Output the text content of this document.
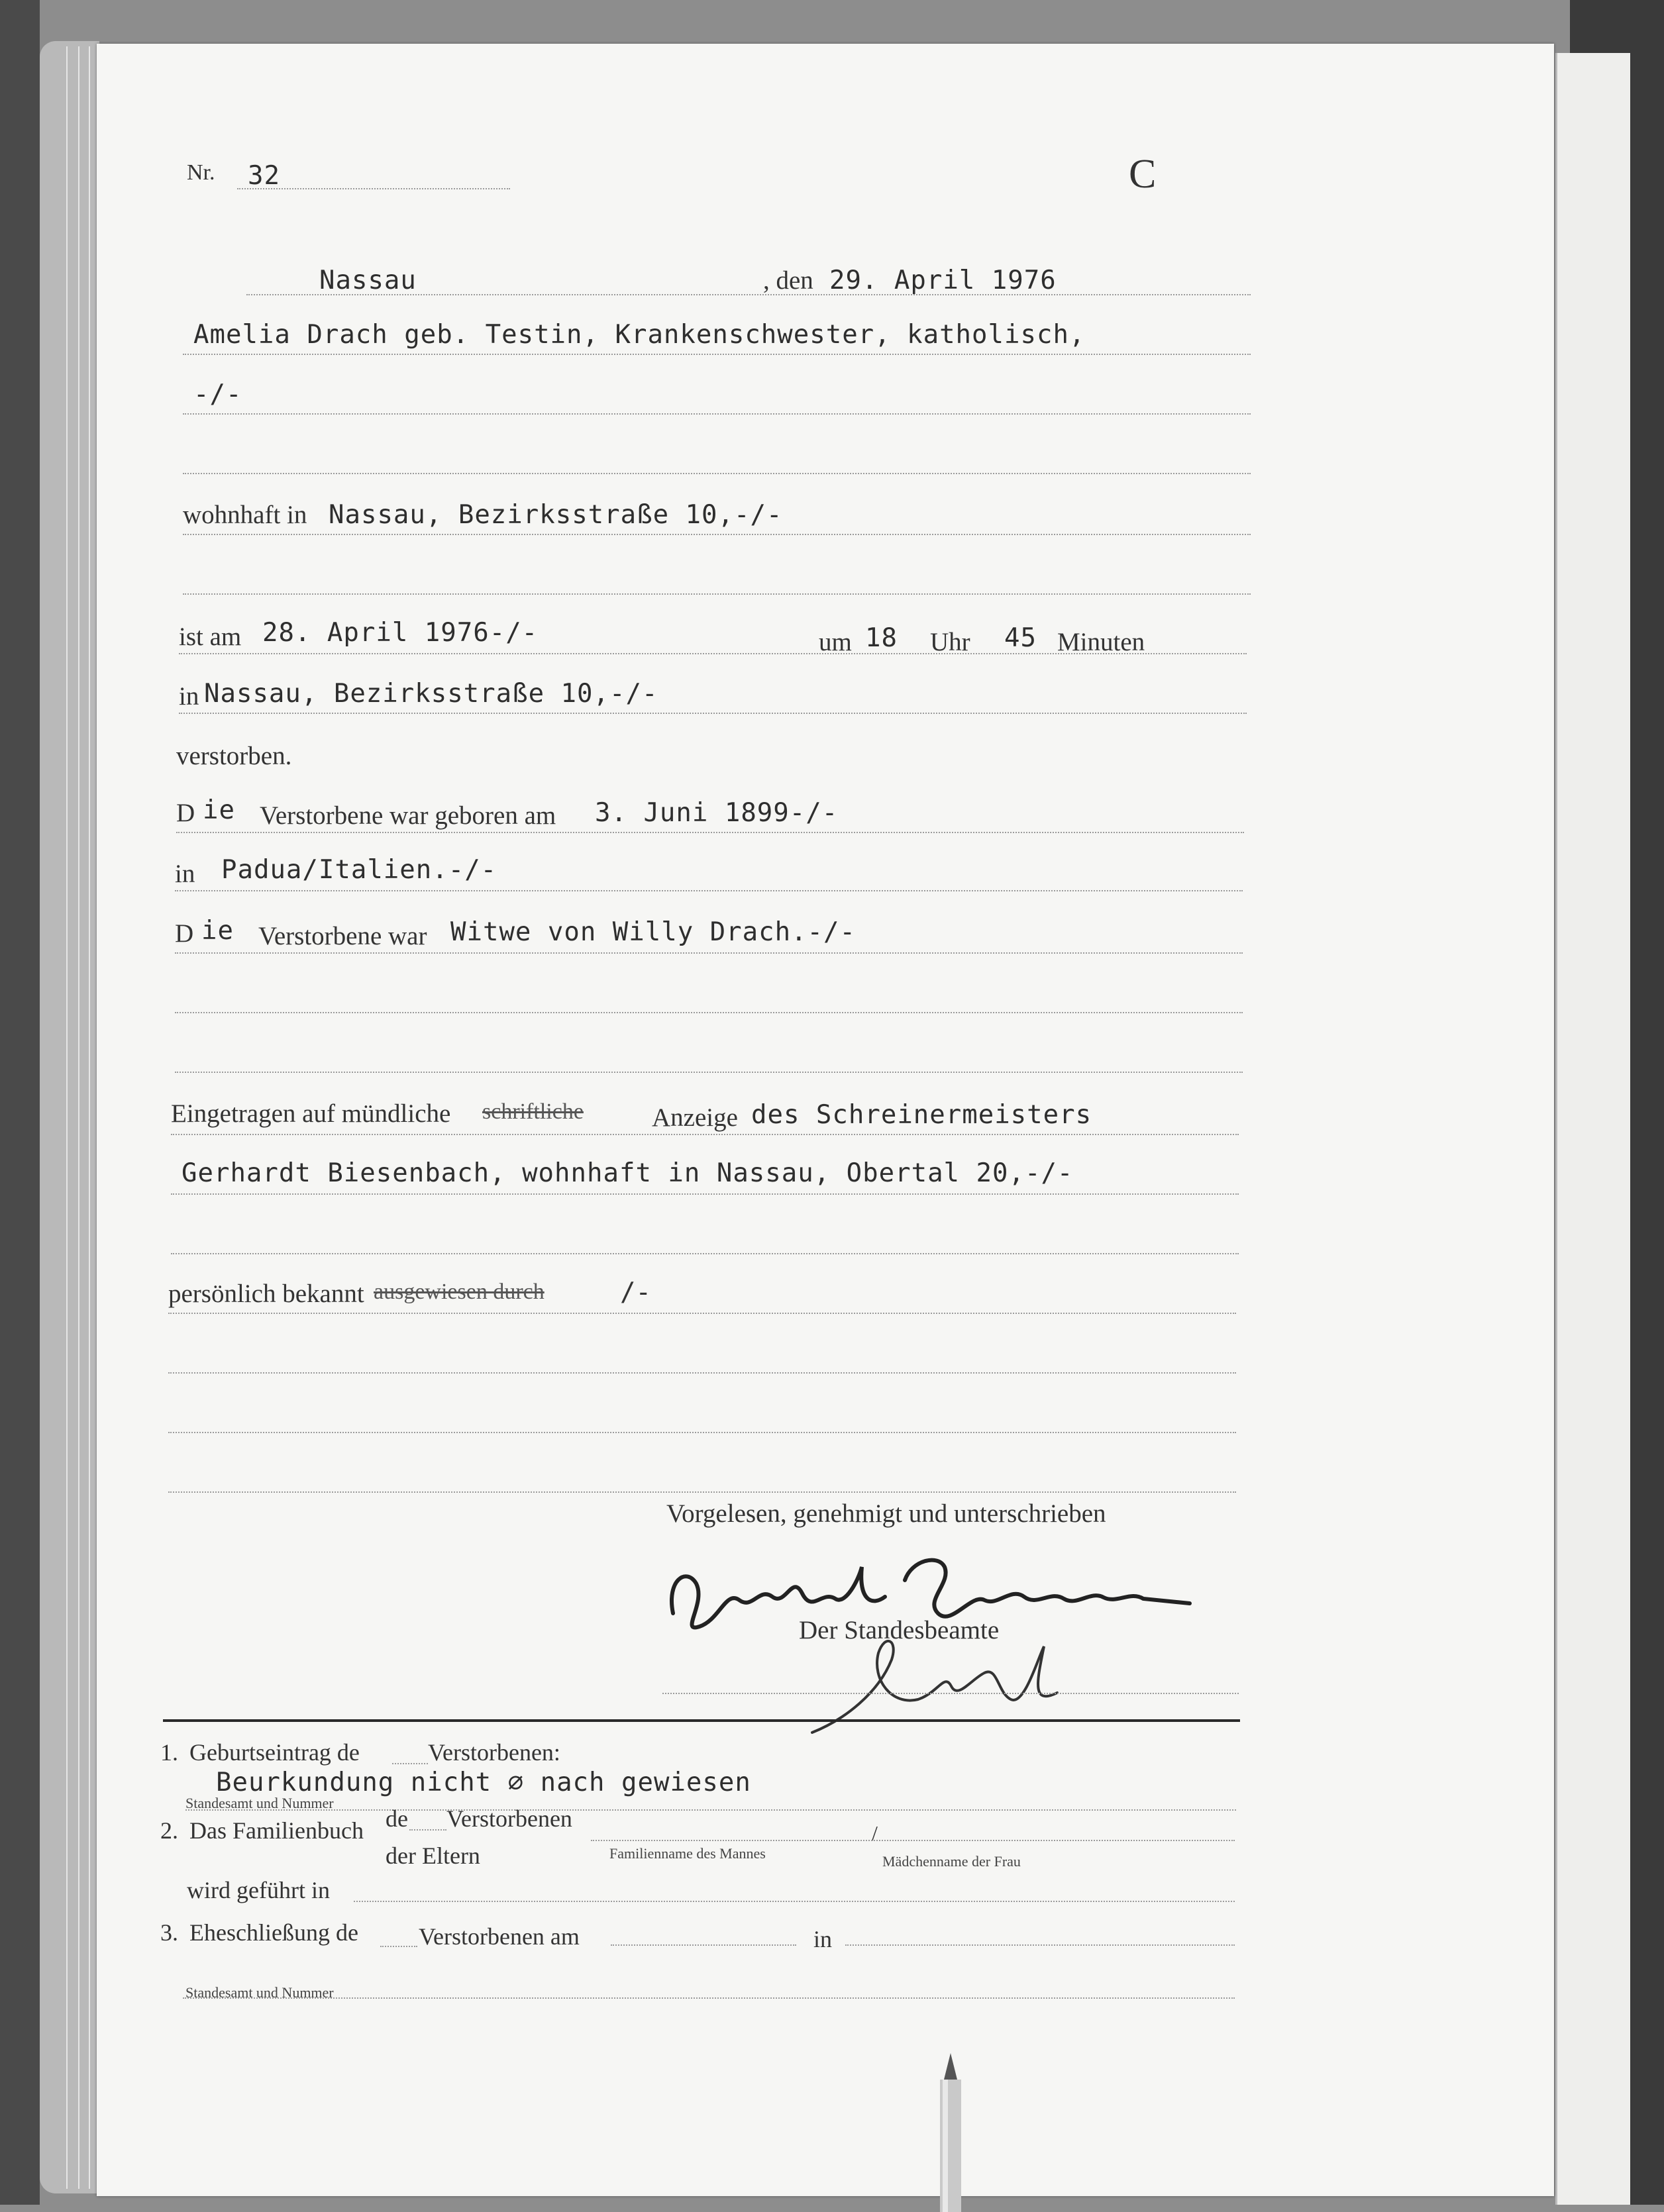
Nr. 32	C
Nassau	, den 29. April 1976
Amelia Drach geb. Testin, Krankenschwester, katholisch,
-/-
wohnhaft in Nassau, Bezirksstraße 10,-/-
ist am 28. April 1976-/-	um 18 Uhr 45 Minuten
in Nassau, Bezirksstraße 10,-/-
verstorben.
D ie Verstorbene war geboren am 3. Juni 1899-/-
in Padua/Italien.-/-
D ie Verstorbene war Witwe von Willy Drach.-/-
Eingetragen auf mündliche schriftliche	Anzeige des Schreinermeisters
Gerhardt Biesenbach, wohnhaft in Nassau, Obertal 20,-/-
persönlich bekannt ausgewiesen durch	/-
Vorgelesen, genehmigt und unterschrieben
Der Standesbeamte
1. Geburtseintrag de	Verstorbenen:
Beurkundung nicht ∅ nach gewiesen
Standesamt und Nummer
2. Das Familienbuch de Verstorbenen
der Eltern	Familienname des Mannes
/
Mädchenname der Frau
wird geführt in
3. Eheschließung de	Verstorbenen am	in
Standesamt und Nummer
